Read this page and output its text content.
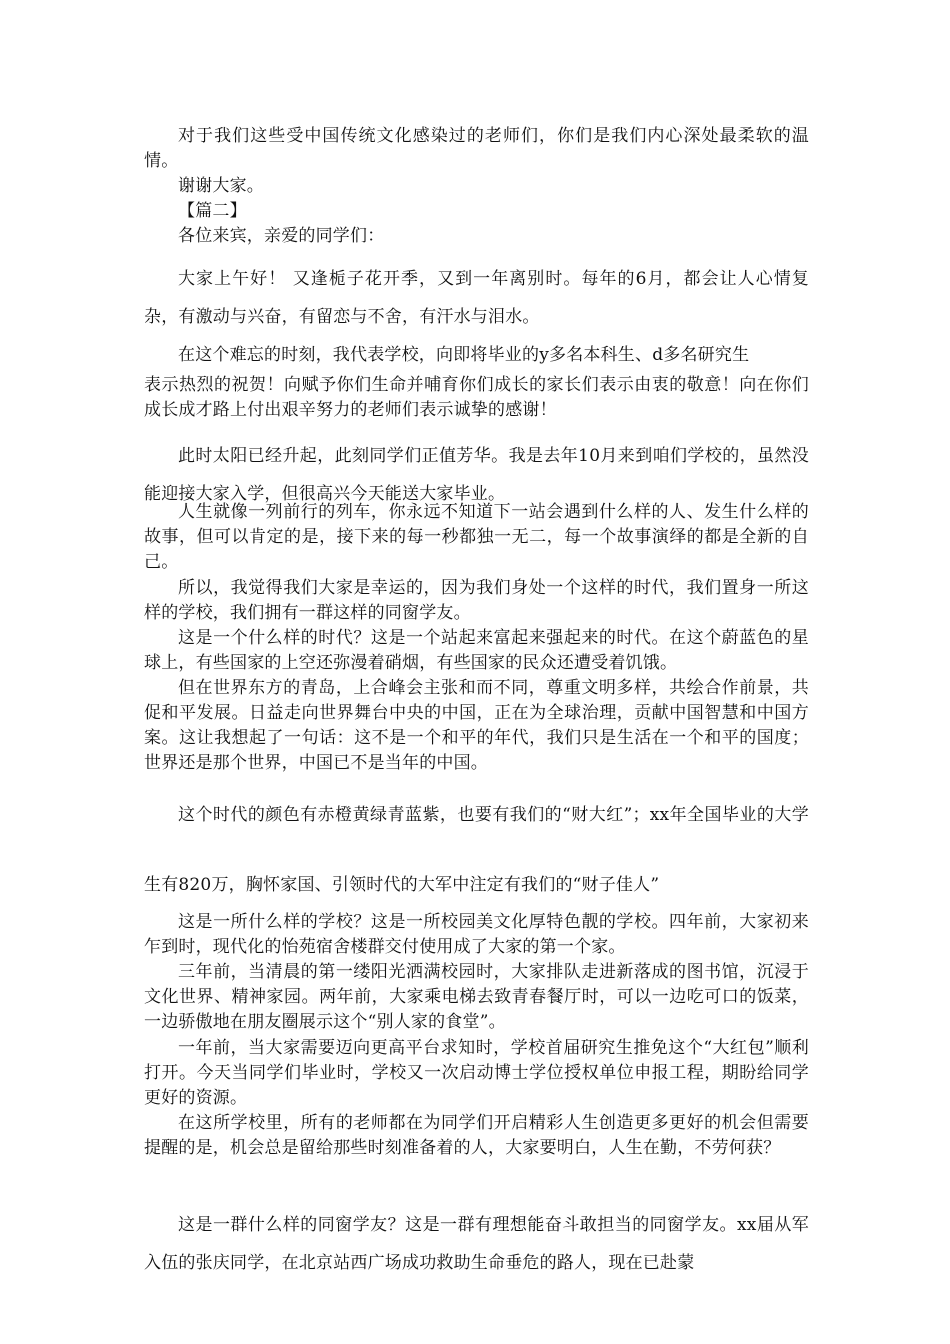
对于我们这些受中国传统文化感染过的老师们，你们是我们内心深处最柔软的温情。

谢谢大家。

【篇二】

各位来宾，亲爱的同学们：

大家上午好！ 又逢栀子花开季，又到一年离别时。每年的6月，都会让人心情复杂，有激动与兴奋，有留恋与不舍，有汗水与泪水。

在这个难忘的时刻，我代表学校，向即将毕业的y多名本科生、d多名研究生

表示热烈的祝贺！向赋予你们生命并哺育你们成长的家长们表示由衷的敬意！向在你们成长成才路上付出艰辛努力的老师们表示诚挚的感谢！

此时太阳已经升起，此刻同学们正值芳华。我是去年10月来到咱们学校的，虽然没能迎接大家入学，但很高兴今天能送大家毕业。

人生就像一列前行的列车，你永远不知道下一站会遇到什么样的人、发生什么样的故事，但可以肯定的是，接下来的每一秒都独一无二，每一个故事演绎的都是全新的自己。

所以，我觉得我们大家是幸运的，因为我们身处一个这样的时代，我们置身一所这样的学校，我们拥有一群这样的同窗学友。

这是一个什么样的时代？这是一个站起来富起来强起来的时代。在这个蔚蓝色的星球上，有些国家的上空还弥漫着硝烟，有些国家的民众还遭受着饥饿。

但在世界东方的青岛，上合峰会主张和而不同，尊重文明多样，共绘合作前景，共促和平发展。日益走向世界舞台中央的中国，正在为全球治理，贡献中国智慧和中国方案。这让我想起了一句话：这不是一个和平的年代，我们只是生活在一个和平的国度；世界还是那个世界，中国已不是当年的中国。

这个时代的颜色有赤橙黄绿青蓝紫，也要有我们的“财大红”；xx年全国毕业的大学生有820万，胸怀家国、引领时代的大军中注定有我们的“财子佳人”

这是一所什么样的学校？这是一所校园美文化厚特色靓的学校。四年前，大家初来乍到时，现代化的怡苑宿舍楼群交付使用成了大家的第一个家。

三年前，当清晨的第一缕阳光洒满校园时，大家排队走进新落成的图书馆，沉浸于文化世界、精神家园。两年前，大家乘电梯去致青春餐厅时，可以一边吃可口的饭菜，一边骄傲地在朋友圈展示这个“别人家的食堂”。

一年前，当大家需要迈向更高平台求知时，学校首届研究生推免这个“大红包”顺利打开。今天当同学们毕业时，学校又一次启动博士学位授权单位申报工程，期盼给同学更好的资源。

在这所学校里，所有的老师都在为同学们开启精彩人生创造更多更好的机会但需要提醒的是，机会总是留给那些时刻准备着的人，大家要明白，人生在勤，不劳何获？

这是一群什么样的同窗学友？这是一群有理想能奋斗敢担当的同窗学友。xx届从军入伍的张庆同学，在北京站西广场成功救助生命垂危的路人，现在已赴蒙
